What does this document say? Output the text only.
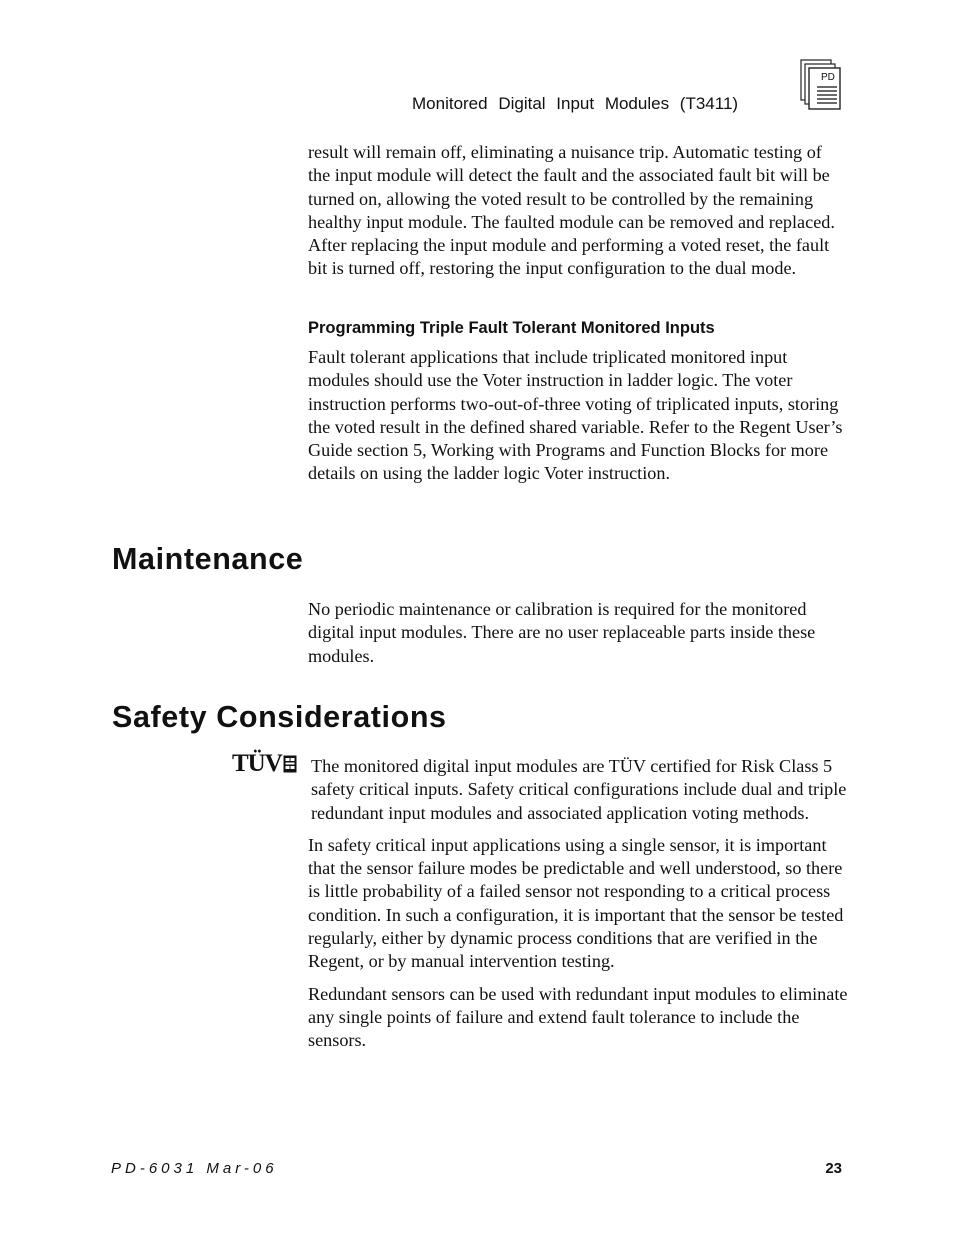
Monitored Digital Input Modules (T3411)
PD

result will remain off, eliminating a nuisance trip. Automatic testing of the input module will detect the fault and the associated fault bit will be turned on, allowing the voted result to be controlled by the remaining healthy input module. The faulted module can be removed and replaced. After replacing the input module and performing a voted reset, the fault bit is turned off, restoring the input configuration to the dual mode.

Programming Triple Fault Tolerant Monitored Inputs

Fault tolerant applications that include triplicated monitored input modules should use the Voter instruction in ladder logic. The voter instruction performs two-out-of-three voting of triplicated inputs, storing the voted result in the defined shared variable. Refer to the Regent User’s Guide section 5, Working with Programs and Function Blocks for more details on using the ladder logic Voter instruction.

Maintenance

No periodic maintenance or calibration is required for the monitored digital input modules. There are no user replaceable parts inside these modules.

Safety Considerations
TÜV The monitored digital input modules are TÜV certified for Risk Class 5 safety critical inputs. Safety critical configurations include dual and triple redundant input modules and associated application voting methods.

In safety critical input applications using a single sensor, it is important that the sensor failure modes be predictable and well understood, so there is little probability of a failed sensor not responding to a critical process condition. In such a configuration, it is important that the sensor be tested regularly, either by dynamic process conditions that are verified in the Regent, or by manual intervention testing.

Redundant sensors can be used with redundant input modules to eliminate any single points of failure and extend fault tolerance to include the sensors.

PD-6031 Mar-06	23
